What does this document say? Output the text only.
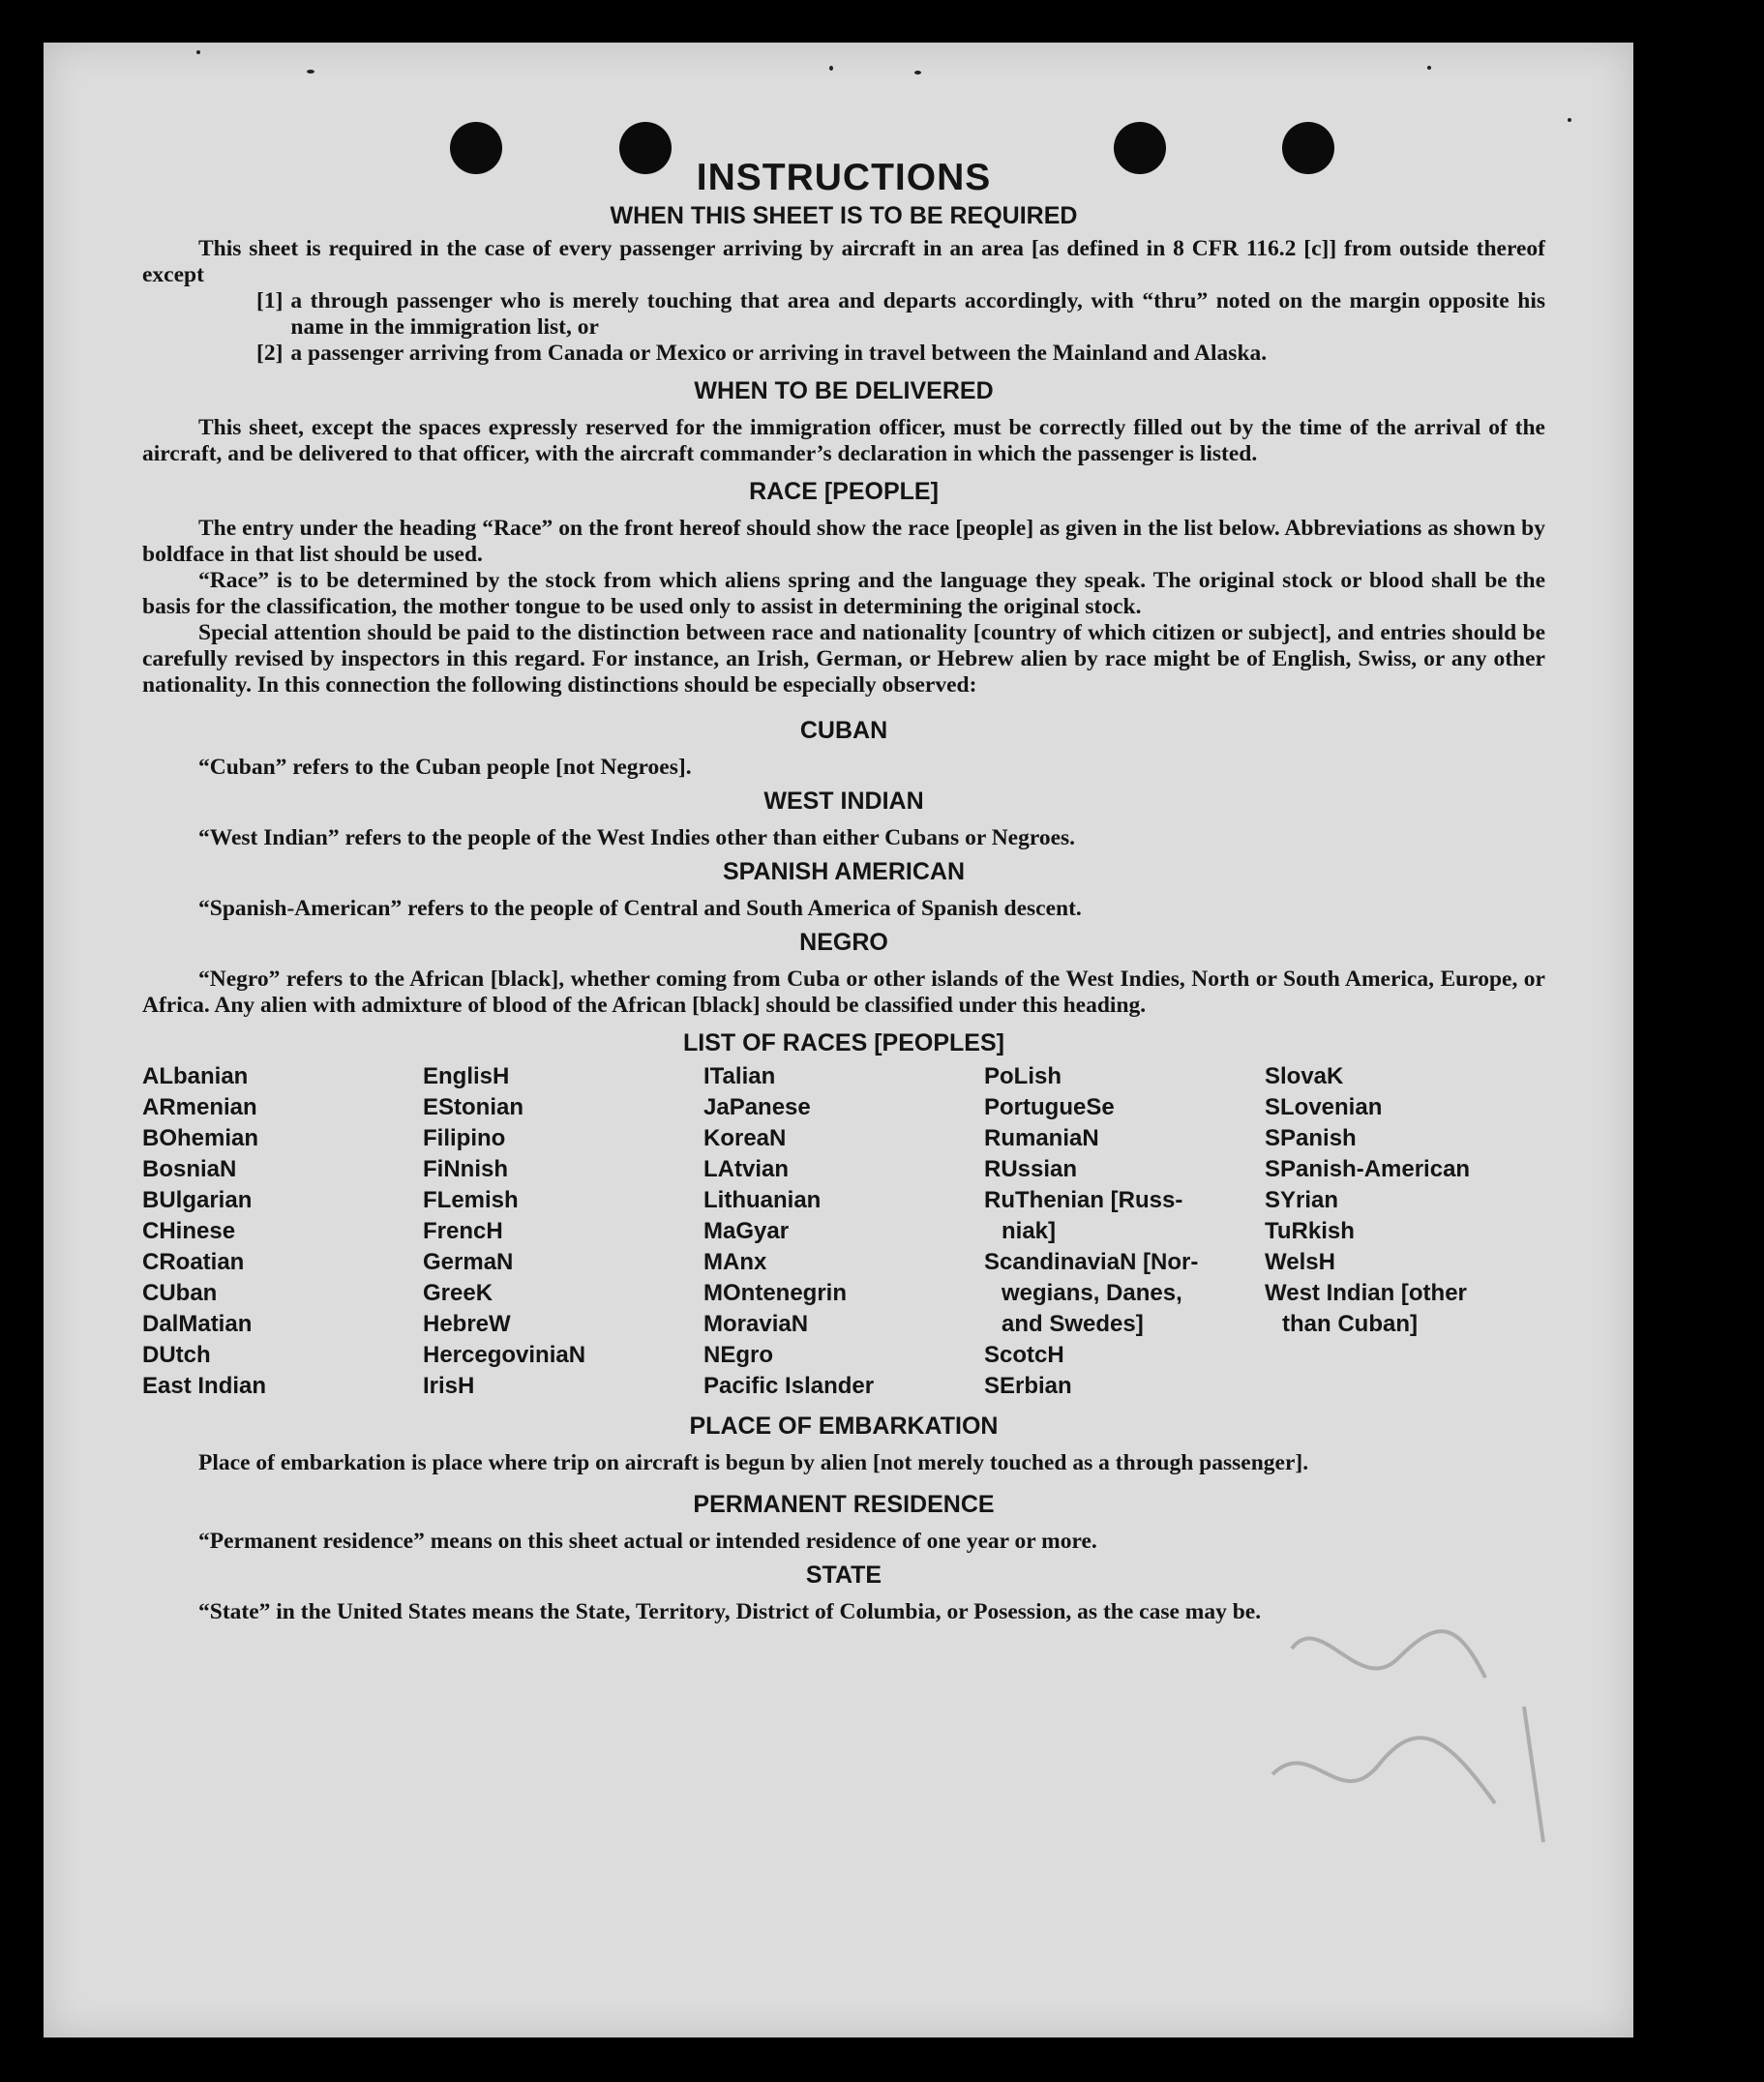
INSTRUCTIONS
WHEN THIS SHEET IS TO BE REQUIRED

This sheet is required in the case of every passenger arriving by aircraft in an area [as defined in 8 CFR 116.2 [c]] from outside thereof except

[1] a through passenger who is merely touching that area and departs accordingly, with “thru” noted on the margin opposite his name in the immigration list, or
[2] a passenger arriving from Canada or Mexico or arriving in travel between the Mainland and Alaska.
WHEN TO BE DELIVERED

This sheet, except the spaces expressly reserved for the immigration officer, must be correctly filled out by the time of the arrival of the aircraft, and be delivered to that officer, with the aircraft commander’s declaration in which the passenger is listed.

RACE [PEOPLE]

The entry under the heading “Race” on the front hereof should show the race [people] as given in the list below. Abbreviations as shown by boldface in that list should be used.

“Race” is to be determined by the stock from which aliens spring and the language they speak. The original stock or blood shall be the basis for the classification, the mother tongue to be used only to assist in determining the original stock.

Special attention should be paid to the distinction between race and nationality [country of which citizen or subject], and entries should be carefully revised by inspectors in this regard. For instance, an Irish, German, or Hebrew alien by race might be of English, Swiss, or any other nationality. In this connection the following distinctions should be especially observed:

CUBAN

“Cuban” refers to the Cuban people [not Negroes].

WEST INDIAN

“West Indian” refers to the people of the West Indies other than either Cubans or Negroes.

SPANISH AMERICAN

“Spanish-American” refers to the people of Central and South America of Spanish descent.

NEGRO

“Negro” refers to the African [black], whether coming from Cuba or other islands of the West Indies, North or South America, Europe, or Africa. Any alien with admixture of blood of the African [black] should be classified under this heading.

LIST OF RACES [PEOPLES]
ALbanian
ARmenian
BOhemian
BosniaN
BUlgarian
CHinese
CRoatian
CUban
DalMatian
DUtch
East Indian
EnglisH
EStonian
Filipino
FiNnish
FLemish
FrencH
GermaN
GreeK
HebreW
HercegoviniaN
IrisH
ITalian
JaPanese
KoreaN
LAtvian
Lithuanian
MaGyar
MAnx
MOntenegrin
MoraviaN
NEgro
Pacific Islander
PoLish
PortugueSe
RumaniaN
RUssian
RuThenian [Russ-
niak]
ScandinaviaN [Nor-
wegians, Danes,
and Swedes]
ScotcH
SErbian
SlovaK
SLovenian
SPanish
SPanish-American
SYrian
TuRkish
WelsH
West Indian [other
than Cuban]
PLACE OF EMBARKATION

Place of embarkation is place where trip on aircraft is begun by alien [not merely touched as a through passenger].

PERMANENT RESIDENCE

“Permanent residence” means on this sheet actual or intended residence of one year or more.

STATE

“State” in the United States means the State, Territory, District of Columbia, or Posession, as the case may be.
